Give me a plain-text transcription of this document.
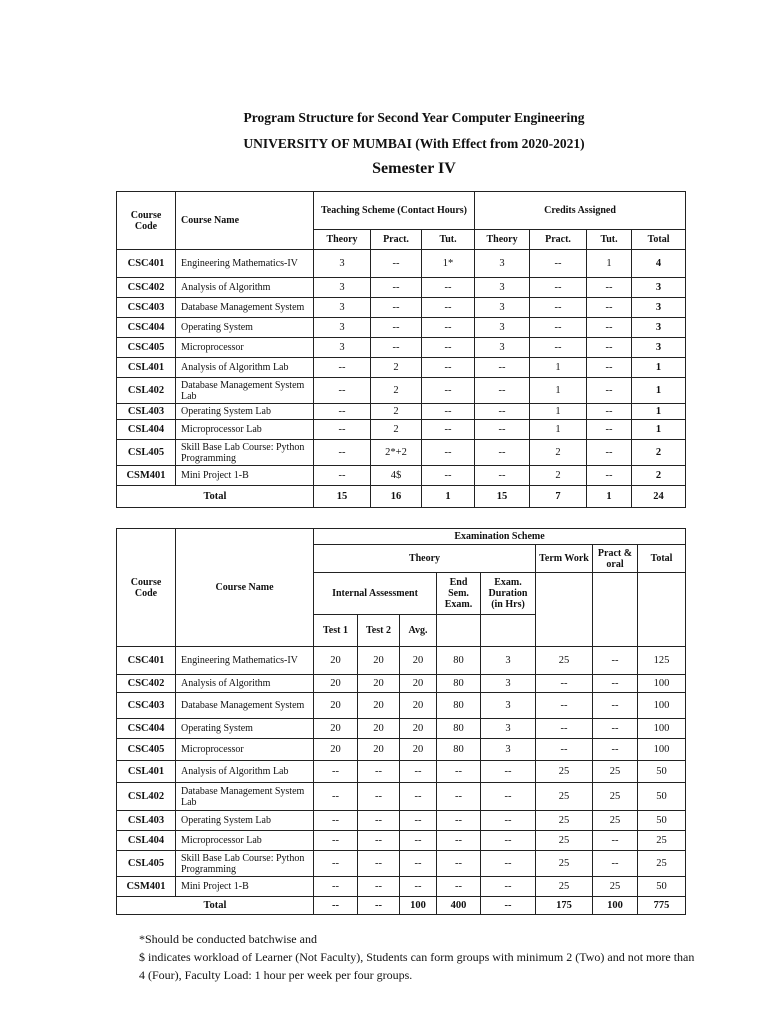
Program Structure for Second Year Computer Engineering
UNIVERSITY OF MUMBAI (With Effect from 2020-2021)
Semester IV
Course Code	Course Name	Teaching Scheme (Contact Hours)			Credits Assigned			
		Theory	Pract.	Tut.	Theory	Pract.	Tut.	Total
CSC401	Engineering Mathematics-IV	3	--	1*	3	--	1	4
CSC402	Analysis of Algorithm	3	--	--	3	--	--	3
CSC403	Database Management System	3	--	--	3	--	--	3
CSC404	Operating System	3	--	--	3	--	--	3
CSC405	Microprocessor	3	--	--	3	--	--	3
CSL401	Analysis of Algorithm Lab	--	2	--	--	1	--	1
CSL402	Database Management System Lab	--	2	--	--	1	--	1
CSL403	Operating System Lab	--	2	--	--	1	--	1
CSL404	Microprocessor Lab	--	2	--	--	1	--	1
CSL405	Skill Base Lab Course: Python Programming	--	2*+2	--	--	2	--	2
CSM401	Mini Project 1-B	--	4$	--	--	2	--	2
Total		15	16	1	15	7	1	24
Course Code	Course Name	Examination Scheme							
		Theory					Term Work	Pract & oral	Total
		Internal Assessment			End Sem. Exam.	Exam. Duration (in Hrs)			
		Test 1	Test 2	Avg.					
CSC401	Engineering Mathematics-IV	20	20	20	80	3	25	--	125
CSC402	Analysis of Algorithm	20	20	20	80	3	--	--	100
CSC403	Database Management System	20	20	20	80	3	--	--	100
CSC404	Operating System	20	20	20	80	3	--	--	100
CSC405	Microprocessor	20	20	20	80	3	--	--	100
CSL401	Analysis of Algorithm Lab	--	--	--	--	--	25	25	50
CSL402	Database Management System Lab	--	--	--	--	--	25	25	50
CSL403	Operating System Lab	--	--	--	--	--	25	25	50
CSL404	Microprocessor Lab	--	--	--	--	--	25	--	25
CSL405	Skill Base Lab Course: Python Programming	--	--	--	--	--	25	--	25
CSM401	Mini Project 1-B	--	--	--	--	--	25	25	50
Total		--	--	100	400	--	175	100	775

*Should be conducted batchwise and

$ indicates workload of Learner (Not Faculty), Students can form groups with minimum 2 (Two) and not more than 4 (Four), Faculty Load: 1 hour per week per four groups.
